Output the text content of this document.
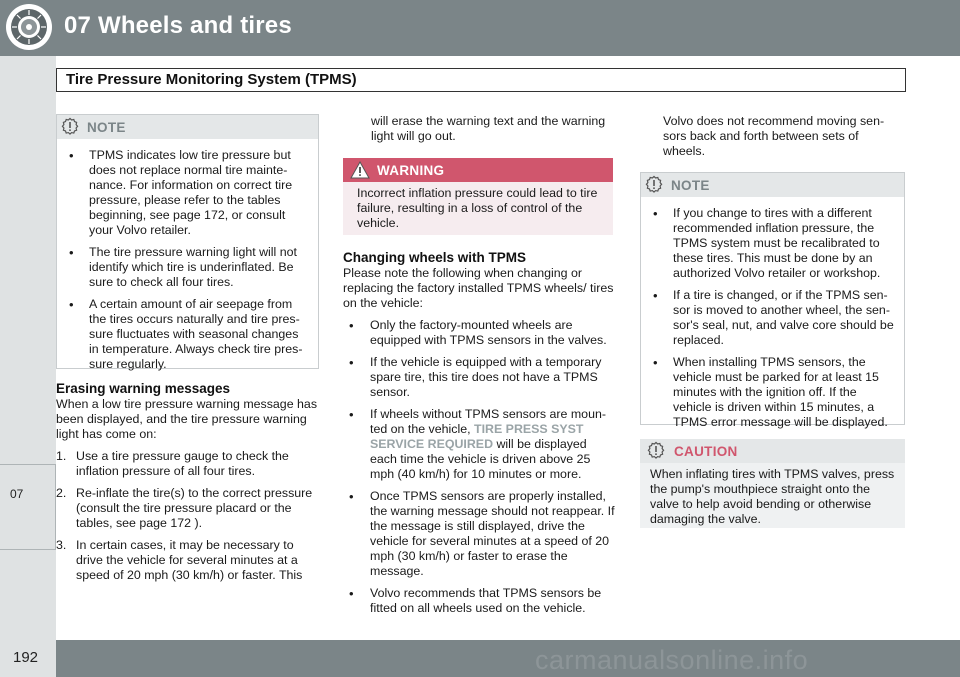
07 Wheels and tires
07
Tire Pressure Monitoring System (TPMS)
NOTE
• TPMS indicates low tire pressure but does not replace normal tire mainte-nance. For information on correct tire pressure, please refer to the tables beginning, see page 172, or consult your Volvo retailer.
• The tire pressure warning light will not identify which tire is underinflated. Be sure to check all four tires.
• A certain amount of air seepage from the tires occurs naturally and tire pres-sure fluctuates with seasonal changes in temperature. Always check tire pres-sure regularly.
Erasing warning messages
When a low tire pressure warning message has been displayed, and the tire pressure warning light has come on:
1. Use a tire pressure gauge to check the inflation pressure of all four tires.
2. Re-inflate the tire(s) to the correct pressure (consult the tire pressure placard or the tables, see page 172 ).
3. In certain cases, it may be necessary to drive the vehicle for several minutes at a speed of 20 mph (30 km/h) or faster. This
will erase the warning text and the warning light will go out.
WARNING
Incorrect inflation pressure could lead to tire failure, resulting in a loss of control of the vehicle.
Changing wheels with TPMS
Please note the following when changing or replacing the factory installed TPMS wheels/ tires on the vehicle:
• Only the factory-mounted wheels are equipped with TPMS sensors in the valves.
• If the vehicle is equipped with a temporary spare tire, this tire does not have a TPMS sensor.
• If wheels without TPMS sensors are moun-ted on the vehicle, TIRE PRESS SYST SERVICE REQUIRED will be displayed each time the vehicle is driven above 25 mph (40 km/h) for 10 minutes or more.
• Once TPMS sensors are properly installed, the warning message should not reappear. If the message is still displayed, drive the vehicle for several minutes at a speed of 20 mph (30 km/h) or faster to erase the message.
• Volvo recommends that TPMS sensors be fitted on all wheels used on the vehicle.
Volvo does not recommend moving sen-sors back and forth between sets of wheels.
NOTE
• If you change to tires with a different recommended inflation pressure, the TPMS system must be recalibrated to these tires. This must be done by an authorized Volvo retailer or workshop.
• If a tire is changed, or if the TPMS sen-sor is moved to another wheel, the sen-sor's seal, nut, and valve core should be replaced.
• When installing TPMS sensors, the vehicle must be parked for at least 15 minutes with the ignition off. If the vehicle is driven within 15 minutes, a TPMS error message will be displayed.
CAUTION
When inflating tires with TPMS valves, press the pump's mouthpiece straight onto the valve to help avoid bending or otherwise damaging the valve.
192	carmanualsonline.info
